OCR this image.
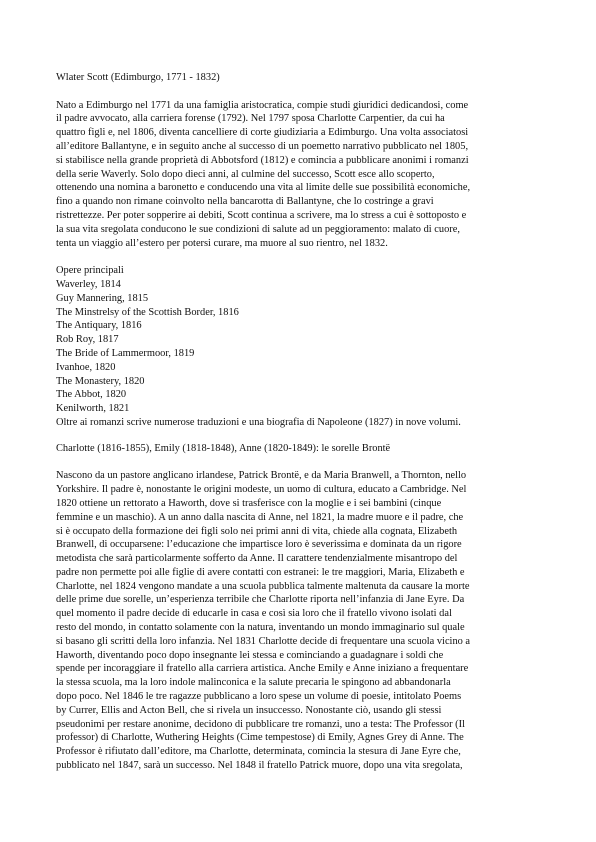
Wlater Scott (Edimburgo, 1771 - 1832)
Nato a Edimburgo nel 1771 da una famiglia aristocratica, compie studi giuridici dedicandosi, come
il padre avvocato, alla carriera forense (1792). Nel 1797 sposa Charlotte Carpentier, da cui ha
quattro figli e, nel 1806, diventa cancelliere di corte giudiziaria a Edimburgo. Una volta associatosi
all’editore Ballantyne, e in seguito anche al successo di un poemetto narrativo pubblicato nel 1805,
si stabilisce nella grande proprietà di Abbotsford (1812) e comincia a pubblicare anonimi i romanzi
della serie Waverly. Solo dopo dieci anni, al culmine del successo, Scott esce allo scoperto,
ottenendo una nomina a baronetto e conducendo una vita al limite delle sue possibilità economiche,
fino a quando non rimane coinvolto nella bancarotta di Ballantyne, che lo costringe a gravi
ristrettezze. Per poter sopperire ai debiti, Scott continua a scrivere, ma lo stress a cui è sottoposto e
la sua vita sregolata conducono le sue condizioni di salute ad un peggioramento: malato di cuore,
tenta un viaggio all’estero per potersi curare, ma muore al suo rientro, nel 1832.
Opere principali
Waverley, 1814
Guy Mannering, 1815
The Minstrelsy of the Scottish Border, 1816
The Antiquary, 1816
Rob Roy, 1817
The Bride of Lammermoor, 1819
Ivanhoe, 1820
The Monastery, 1820
The Abbot, 1820
Kenilworth, 1821
Oltre ai romanzi scrive numerose traduzioni e una biografia di Napoleone (1827) in nove volumi.
Charlotte (1816-1855), Emily (1818-1848), Anne (1820-1849): le sorelle Brontë
Nascono da un pastore anglicano irlandese, Patrick Brontë, e da Maria Branwell, a Thornton, nello
Yorkshire. Il padre è, nonostante le origini modeste, un uomo di cultura, educato a Cambridge. Nel
1820 ottiene un rettorato a Haworth, dove si trasferisce con la moglie e i sei bambini (cinque
femmine e un maschio). A un anno dalla nascita di Anne, nel 1821, la madre muore e il padre, che
si è occupato della formazione dei figli solo nei primi anni di vita, chiede alla cognata, Elizabeth
Branwell, di occuparsene: l’educazione che impartisce loro è severissima e dominata da un rigore
metodista che sarà particolarmente sofferto da Anne. Il carattere tendenzialmente misantropo del
padre non permette poi alle figlie di avere contatti con estranei: le tre maggiori, Maria, Elizabeth e
Charlotte, nel 1824 vengono mandate a una scuola pubblica talmente maltenuta da causare la morte
delle prime due sorelle, un’esperienza terribile che Charlotte riporta nell’infanzia di Jane Eyre. Da
quel momento il padre decide di educarle in casa e così sia loro che il fratello vivono isolati dal
resto del mondo, in contatto solamente con la natura, inventando un mondo immaginario sul quale
si basano gli scritti della loro infanzia. Nel 1831 Charlotte decide di frequentare una scuola vicino a
Haworth, diventando poco dopo insegnante lei stessa e cominciando a guadagnare i soldi che
spende per incoraggiare il fratello alla carriera artistica. Anche Emily e Anne iniziano a frequentare
la stessa scuola, ma la loro indole malinconica e la salute precaria le spingono ad abbandonarla
dopo poco. Nel 1846 le tre ragazze pubblicano a loro spese un volume di poesie, intitolato Poems
by Currer, Ellis and Acton Bell, che si rivela un insuccesso. Nonostante ciò, usando gli stessi
pseudonimi per restare anonime, decidono di pubblicare tre romanzi, uno a testa: The Professor (Il
professor) di Charlotte, Wuthering Heights (Cime tempestose) di Emily, Agnes Grey di Anne. The
Professor è rifiutato dall’editore, ma Charlotte, determinata, comincia la stesura di Jane Eyre che,
pubblicato nel 1847, sarà un successo. Nel 1848 il fratello Patrick muore, dopo una vita sregolata,
